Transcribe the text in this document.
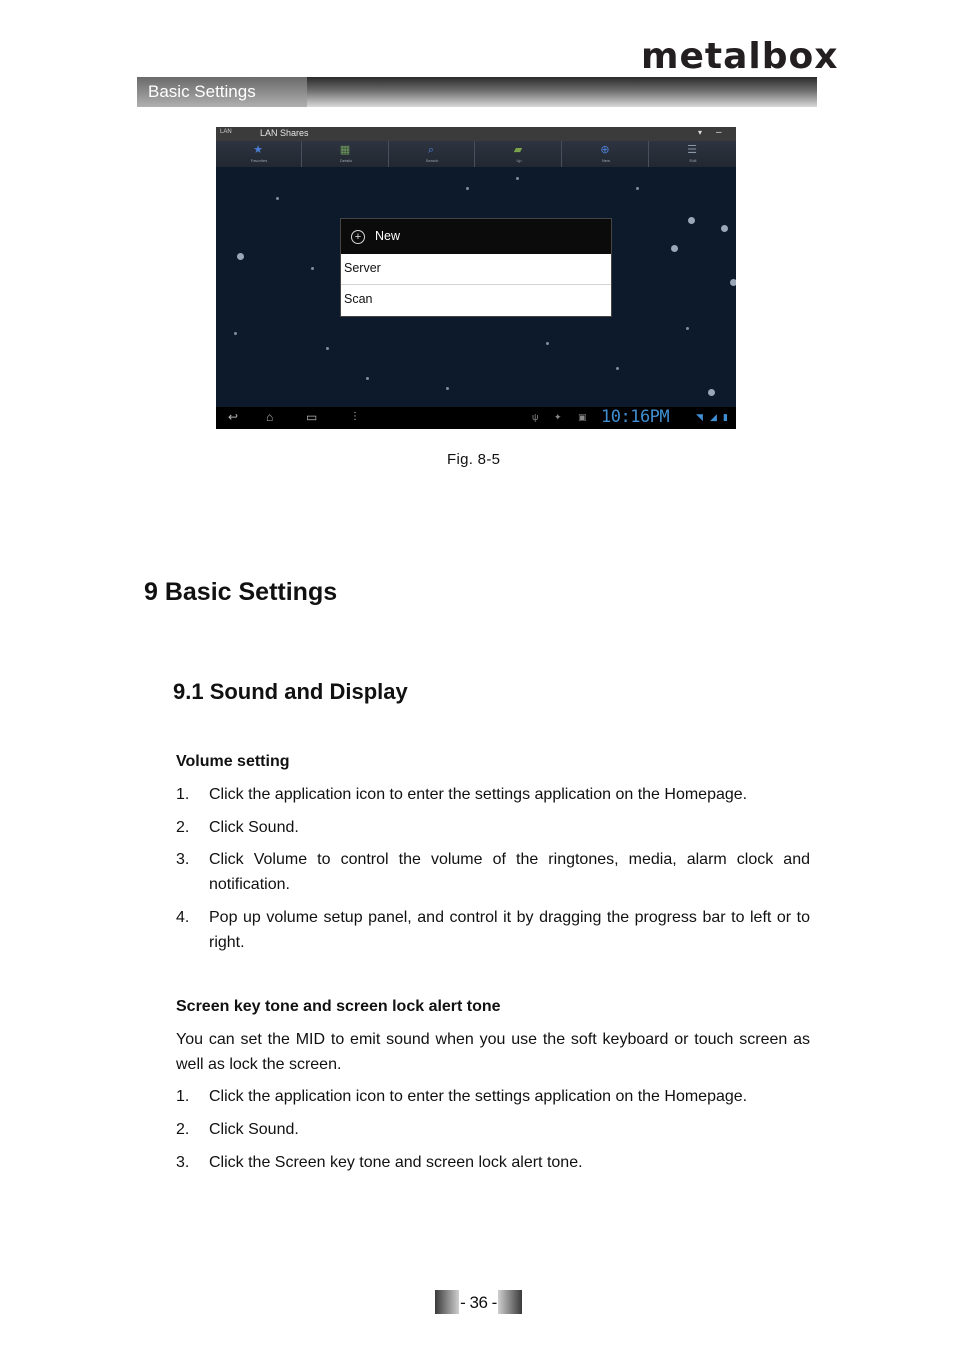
metalbox
Basic Settings
LAN	LAN Shares	▾ –
★
Favorites
▦
Details
⌕
Search
▰
Up
⊕
New
☰
Edit
+	New
Server
Scan
↩ ⌂	▭	⋮	ψ ✦ ▣ 10:16PM	◥ ◢ ▮
Fig. 8-5
9 Basic Settings
9.1 Sound and Display
Volume setting
1. Click the application icon to enter the settings application on the Homepage.
2. Click Sound.
3. Click Volume to control the volume of the ringtones, media, alarm clock and notification.
4. Pop up volume setup panel, and control it by dragging the progress bar to left or to right.
Screen key tone and screen lock alert tone
You can set the MID to emit sound when you use the soft keyboard or touch screen as well as lock the screen.
1. Click the application icon to enter the settings application on the Homepage.
2. Click Sound.
3. Click the Screen key tone and screen lock alert tone.
- 36 -
